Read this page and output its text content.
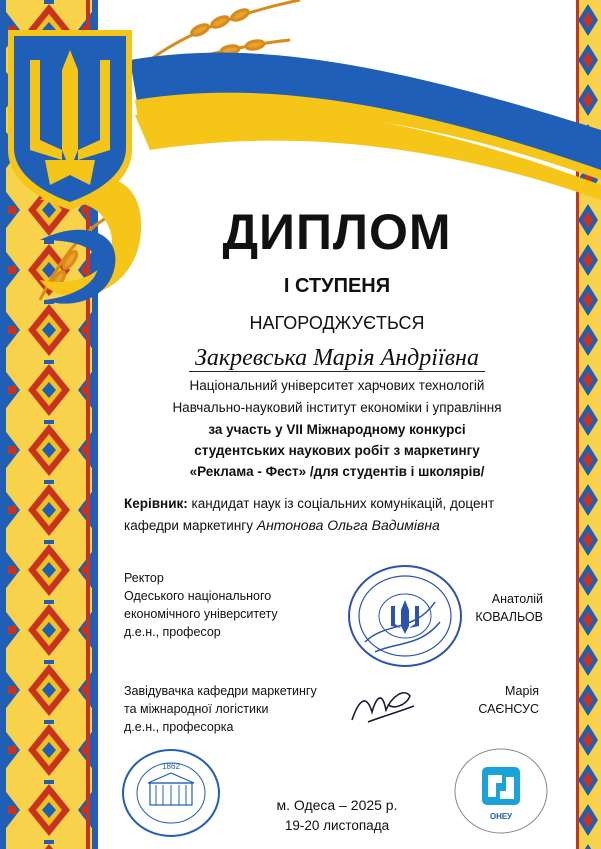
ДИПЛОМ
І СТУПЕНЯ
НАГОРОДЖУЄТЬСЯ
Закревська Марія Андріївна
Національний університет харчових технологій
Навчально-науковий інститут економіки і управління
за участь у VII Міжнародному конкурсі
студентських наукових робіт з маркетингу
«Реклама - Фест» /для студентів і школярів/
Керівник: кандидат наук із соціальних комунікацій, доцент
кафедри маркетингу Антонова Ольга Вадимівна
Ректор
Одеського національного
економічного університету
д.е.н., професор
Анатолій
КОВАЛЬОВ
Завідувачка кафедри маркетингу
та міжнародної логістики
д.е.н., професорка
Марія
САЄНСУС
1862
м. Одеса – 2025 р.
19-20 листопада
ОНЕУ
